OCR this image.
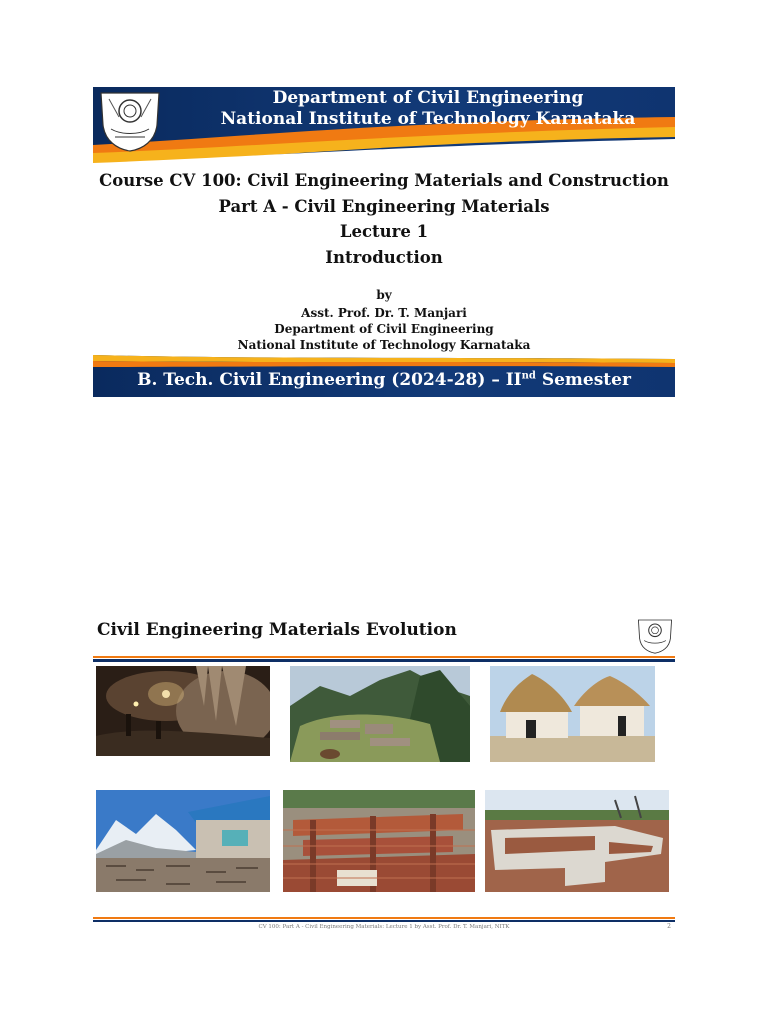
Department of Civil Engineering
National Institute of Technology Karnataka
Course CV 100: Civil Engineering Materials and Construction
Part A - Civil Engineering Materials
Lecture 1
Introduction
by
Asst. Prof. Dr. T. Manjari
Department of Civil Engineering
National Institute of Technology Karnataka
B. Tech. Civil Engineering (2024-28) – IInd Semester
Civil Engineering Materials Evolution
CV 100: Part A - Civil Engineering Materials: Lecture 1 by Asst. Prof. Dr. T. Manjari, NITK	2
